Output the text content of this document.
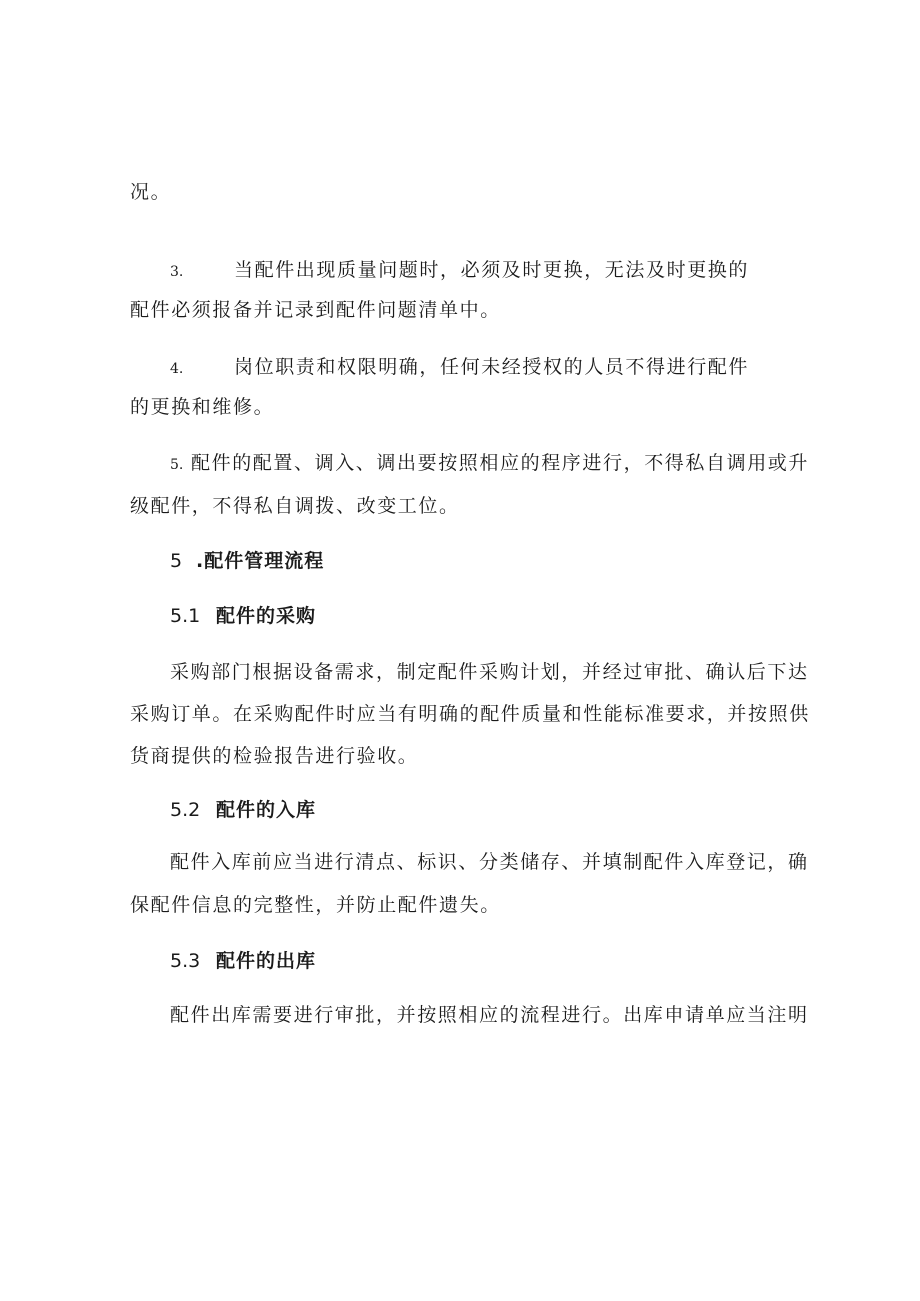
况。
3.	当配件出现质量问题时，必须及时更换，无法及时更换的
配件必须报备并记录到配件问题清单中。
4.	岗位职责和权限明确，任何未经授权的人员不得进行配件
的更换和维修。
5. 配件的配置、调入、调出要按照相应的程序进行，不得私自调用或升
级配件，不得私自调拨、改变工位。
5 .配件管理流程
5.1 配件的采购
采购部门根据设备需求，制定配件采购计划，并经过审批、确认后下达
采购订单。在采购配件时应当有明确的配件质量和性能标准要求，并按照供
货商提供的检验报告进行验收。
5.2 配件的入库
配件入库前应当进行清点、标识、分类储存、并填制配件入库登记，确
保配件信息的完整性，并防止配件遗失。
5.3 配件的出库
配件出库需要进行审批，并按照相应的流程进行。出库申请单应当注明
